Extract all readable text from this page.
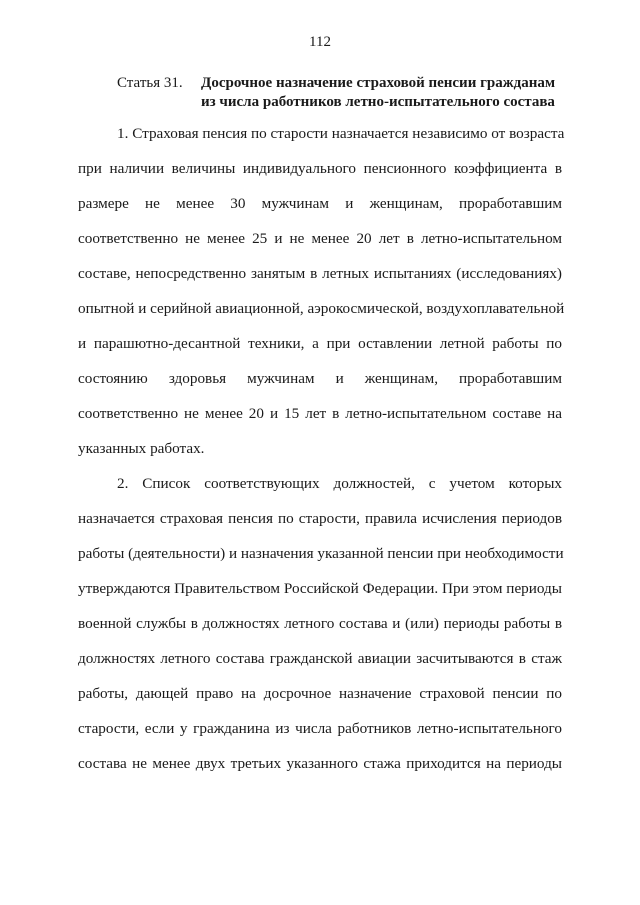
112
Статья 31. Досрочное назначение страховой пенсии гражданам
из числа работников летно-испытательного состава
1. Страховая пенсия по старости назначается независимо от возраста
при наличии величины индивидуального пенсионного коэффициента в
размере не менее 30 мужчинам и женщинам, проработавшим
соответственно не менее 25 и не менее 20 лет в летно-испытательном
составе, непосредственно занятым в летных испытаниях (исследованиях)
опытной и серийной авиационной, аэрокосмической, воздухоплавательной
и парашютно-десантной техники, а при оставлении летной работы по
состоянию здоровья мужчинам и женщинам, проработавшим
соответственно не менее 20 и 15 лет в летно-испытательном составе на
указанных работах.
2. Список соответствующих должностей, с учетом которых
назначается страховая пенсия по старости, правила исчисления периодов
работы (деятельности) и назначения указанной пенсии при необходимости
утверждаются Правительством Российской Федерации. При этом периоды
военной службы в должностях летного состава и (или) периоды работы в
должностях летного состава гражданской авиации засчитываются в стаж
работы, дающей право на досрочное назначение страховой пенсии по
старости, если у гражданина из числа работников летно-испытательного
состава не менее двух третьих указанного стажа приходится на периоды
